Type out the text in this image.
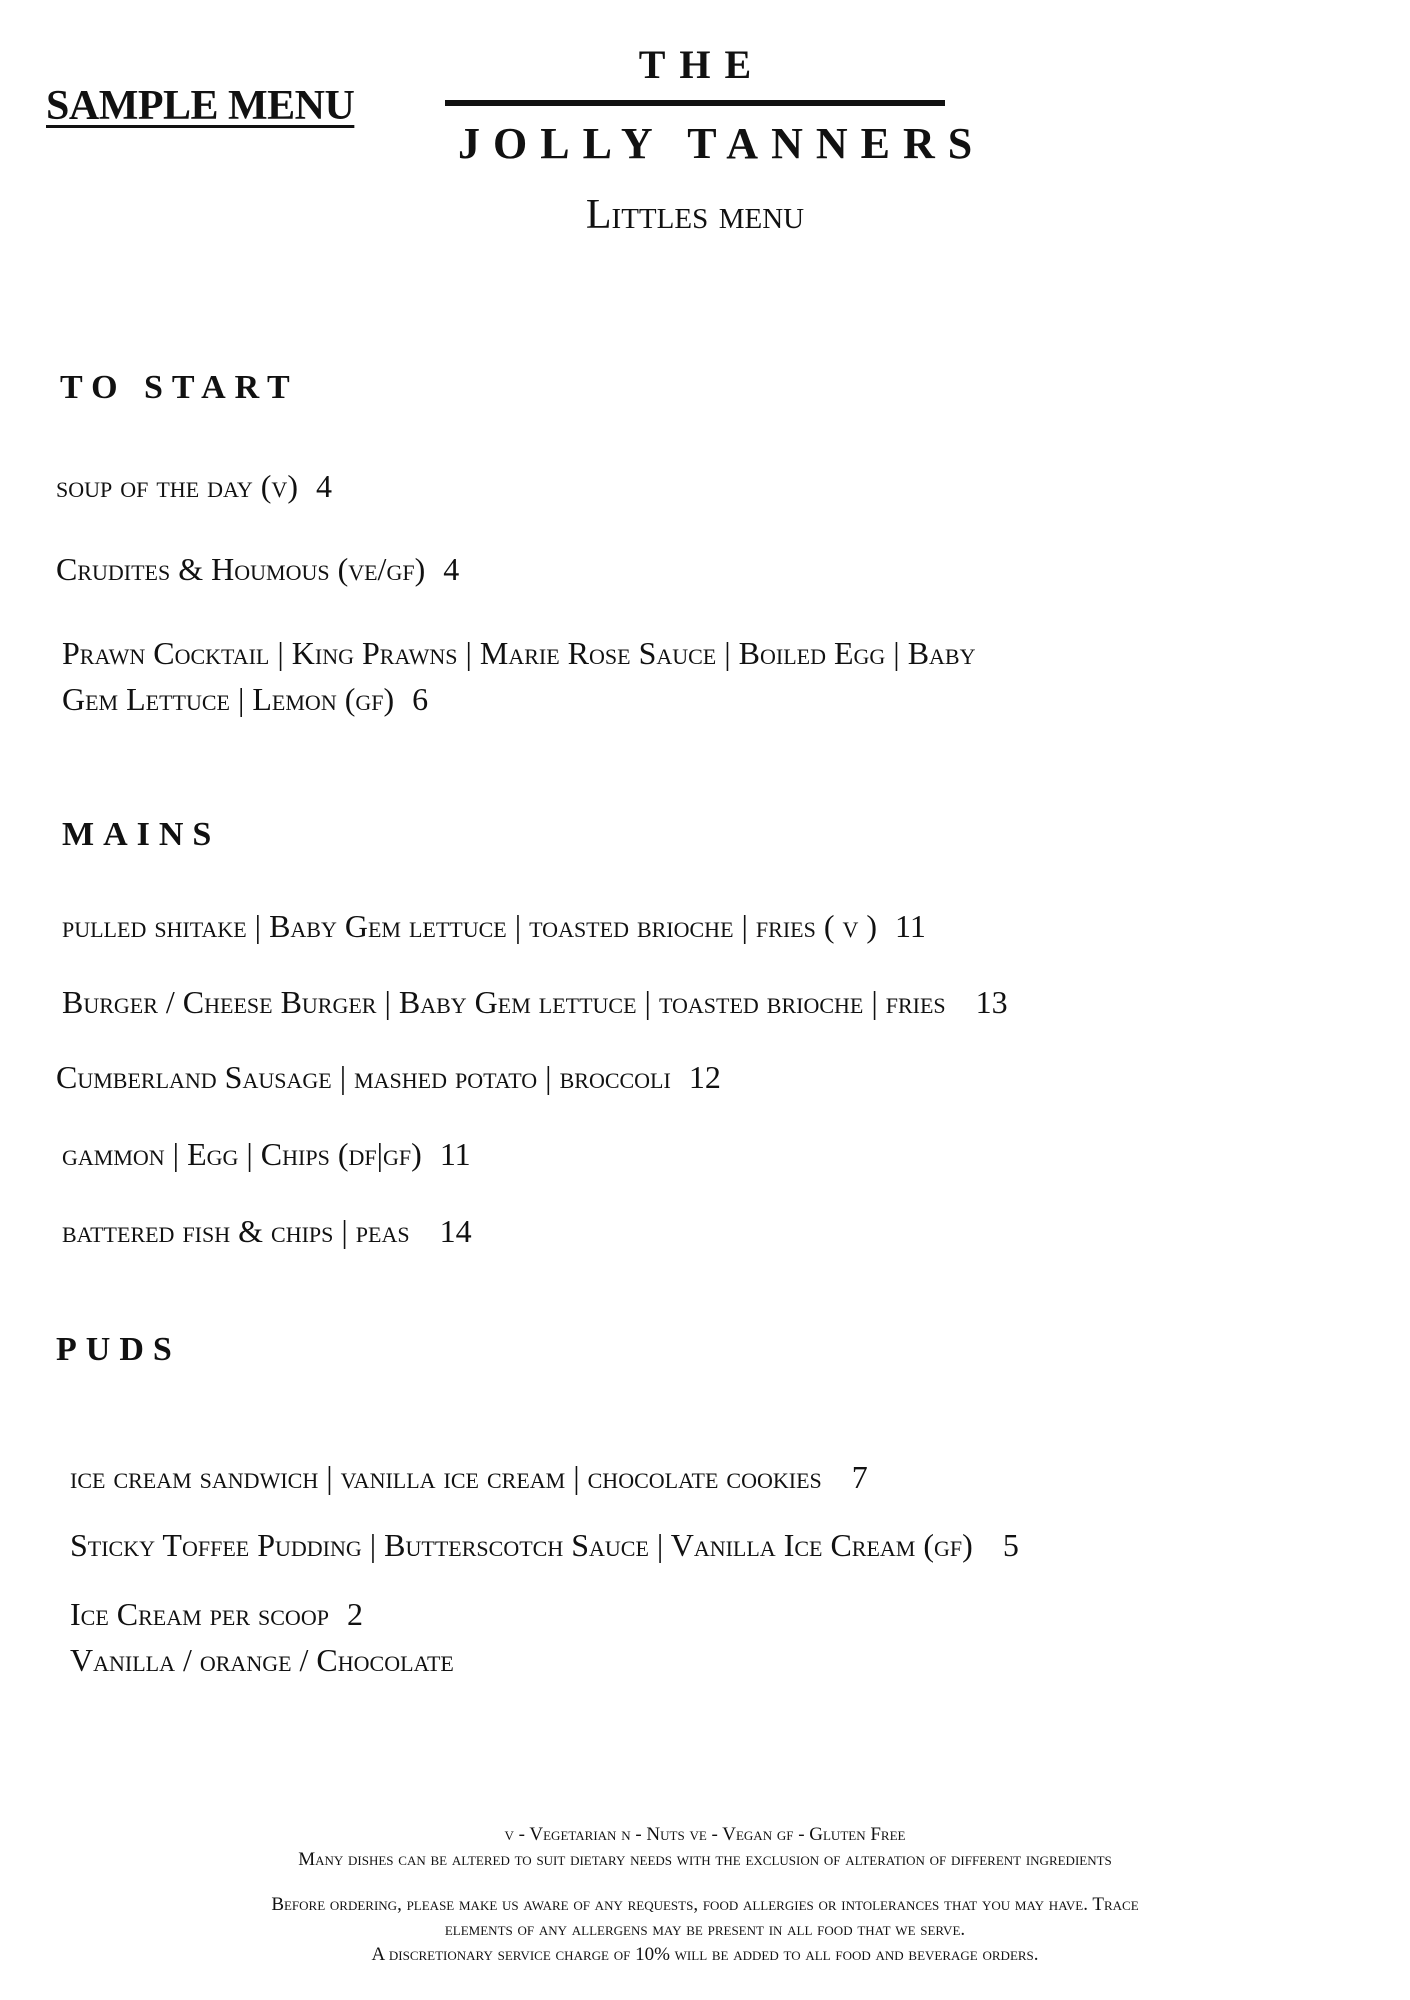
SAMPLE MENU
THE
JOLLY TANNERS
Littles menu
TO START
soup of the day (v) 4
Crudites & Houmous (ve/gf) 4
Prawn Cocktail | King Prawns | Marie Rose Sauce | Boiled Egg | Baby
Gem Lettuce | Lemon (gf) 6
MAINS
pulled shitake | Baby Gem lettuce | toasted brioche | fries ( v ) 11
Burger / Cheese Burger | Baby Gem lettuce | toasted brioche | fries 13
Cumberland Sausage | mashed potato | broccoli 12
gammon | Egg | Chips (df|gf) 11
battered fish & chips | peas 14
PUDS
ice cream sandwich | vanilla ice cream | chocolate cookies 7
Sticky Toffee Pudding | Butterscotch Sauce | Vanilla Ice Cream (gf) 5
Ice Cream per scoop 2
Vanilla / orange / Chocolate

v - Vegetarian n - Nuts ve - Vegan gf - Gluten Free

Many dishes can be altered to suit dietary needs with the exclusion of alteration of different ingredients

Before ordering, please make us aware of any requests, food allergies or intolerances that you may have. Trace

elements of any allergens may be present in all food that we serve.

A discretionary service charge of 10% will be added to all food and beverage orders.
